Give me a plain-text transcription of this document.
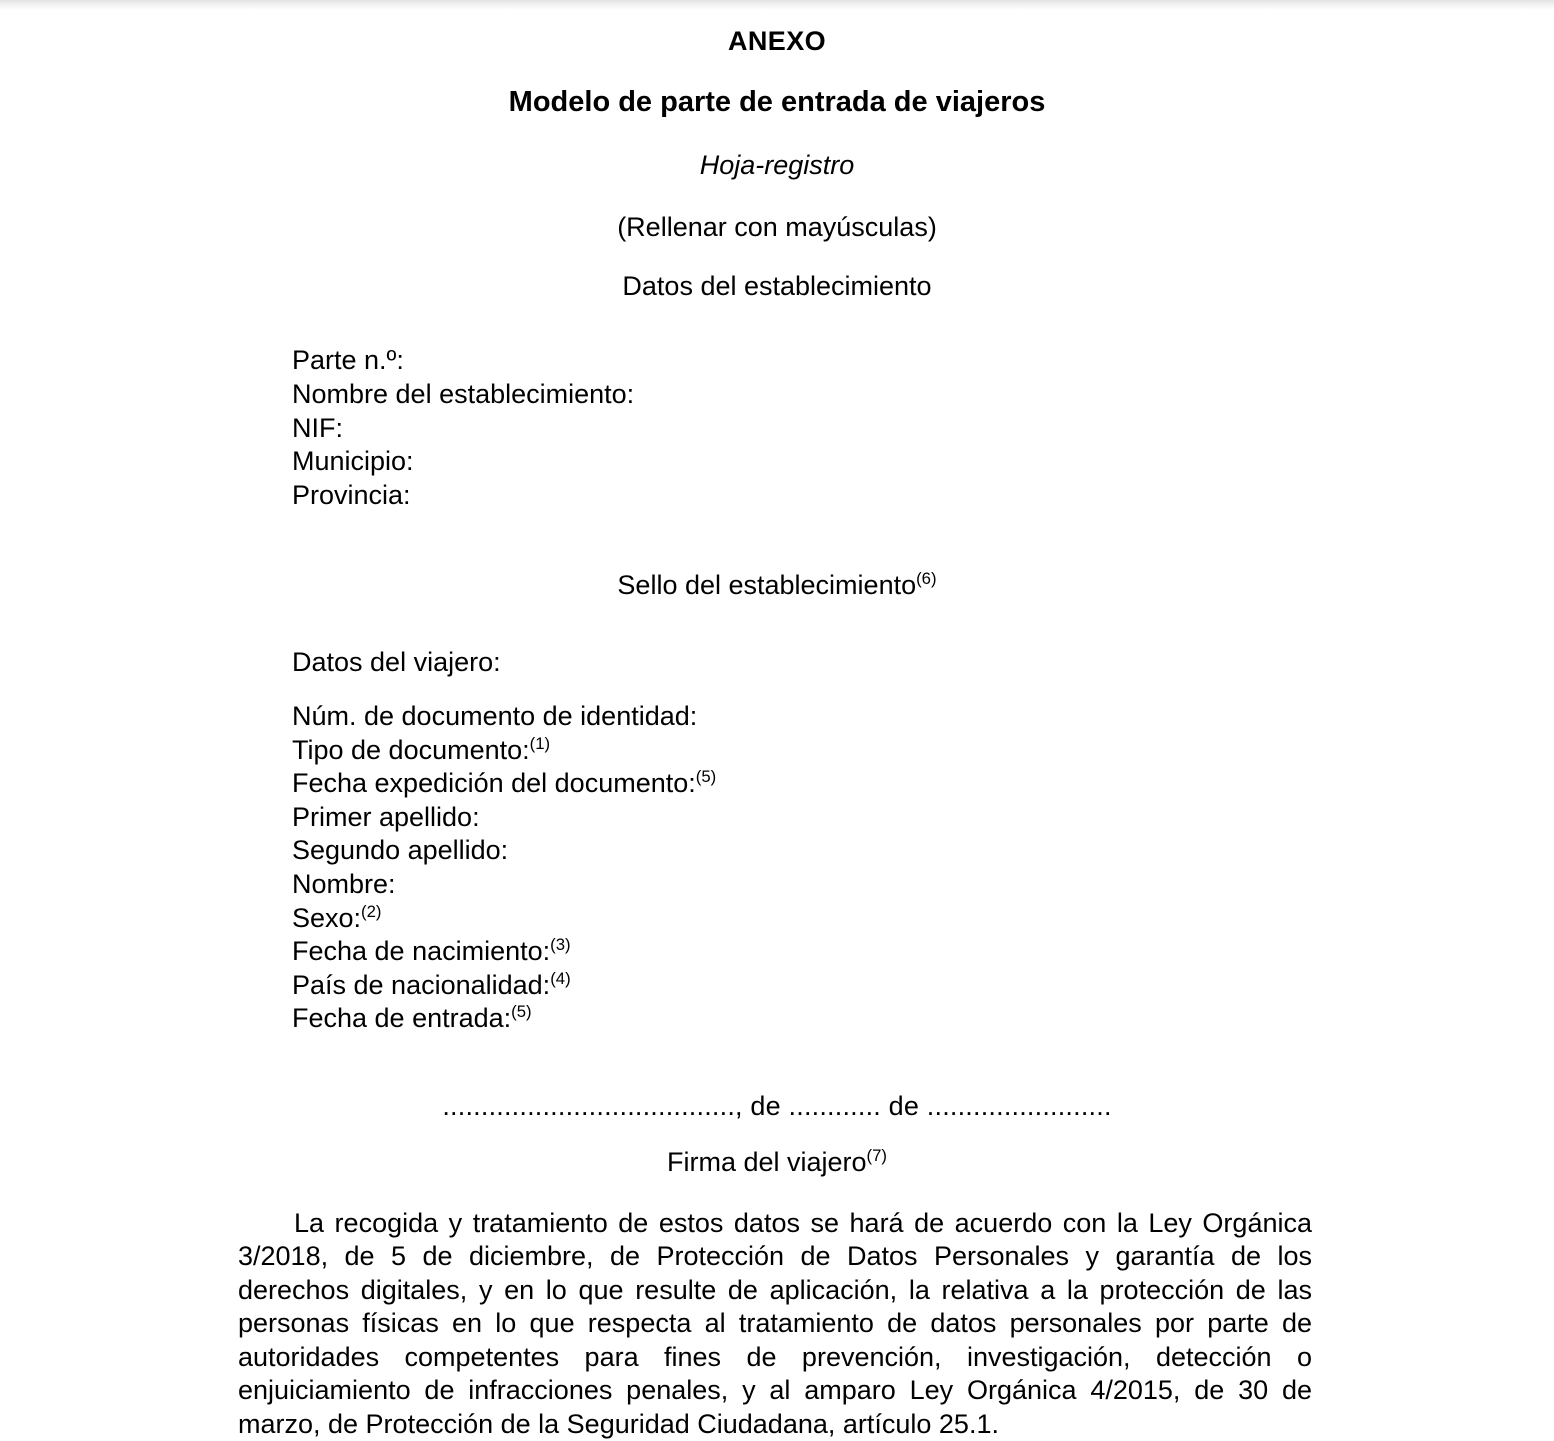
ANEXO
Modelo de parte de entrada de viajeros
Hoja-registro
(Rellenar con mayúsculas)
Datos del establecimiento
Parte n.º:
Nombre del establecimiento:
NIF:
Municipio:
Provincia:
Sello del establecimiento$^{(6)}$
Datos del viajero:
Núm. de documento de identidad:
Tipo de documento:$^{(1)}$
Fecha expedición del documento:$^{(5)}$
Primer apellido:
Segundo apellido:
Nombre:
Sexo:$^{(2)}$
Fecha de nacimiento:$^{(3)}$
País de nacionalidad:$^{(4)}$
Fecha de entrada:$^{(5)}$
......................................, de ............ de ........................
Firma del viajero$^{(7)}$
La recogida y tratamiento de estos datos se hará de acuerdo con la Ley Orgánica 3/2018, de 5 de diciembre, de Protección de Datos Personales y garantía de los derechos digitales, y en lo que resulte de aplicación, la relativa a la protección de las personas físicas en lo que respecta al tratamiento de datos personales por parte de autoridades competentes para fines de prevención, investigación, detección o enjuiciamiento de infracciones penales, y al amparo Ley Orgánica 4/2015, de 30 de marzo, de Protección de la Seguridad Ciudadana, artículo 25.1.
